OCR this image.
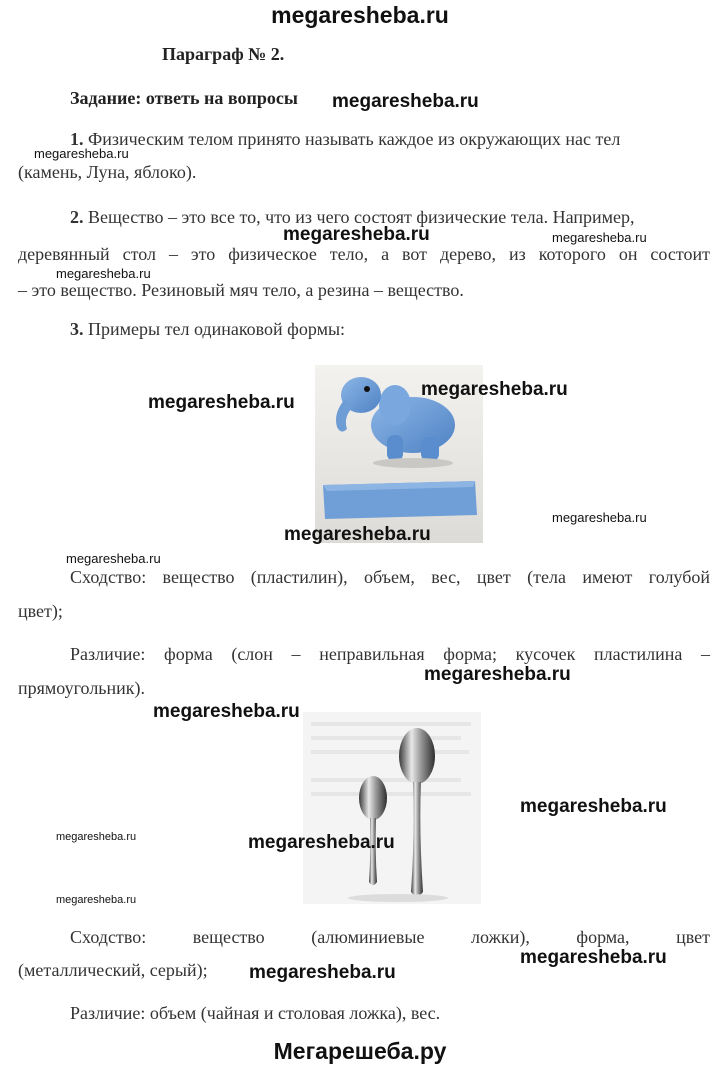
megaresheba.ru
Параграф № 2.
Задание: ответь на вопросы
1. Физическим телом принято называть каждое из окружающих нас тел
(камень, Луна, яблоко).
2. Вещество – это все то, что из чего состоят физические тела. Например,
деревянный стол – это физическое тело, а вот дерево, из которого он состоит
– это вещество. Резиновый мяч тело, а резина – вещество.
3. Примеры тел одинаковой формы:
Сходство: вещество (пластилин), объем, вес, цвет (тела имеют голубой
цвет);
Различие: форма (слон – неправильная форма; кусочек пластилина –
прямоугольник).
Сходство: вещество (алюминиевые ложки), форма, цвет
(металлический, серый);
Различие: объем (чайная и столовая ложка), вес.
Мегарешеба.ру
megaresheba.ru
megaresheba.ru
megaresheba.ru	megaresheba.ru
megaresheba.ru
megaresheba.ru
megaresheba.ru
megaresheba.ru
megaresheba.ru
megaresheba.ru
megaresheba.ru
megaresheba.ru
megaresheba.ru
megaresheba.ru	megaresheba.ru
megaresheba.ru
megaresheba.ru
megaresheba.ru
